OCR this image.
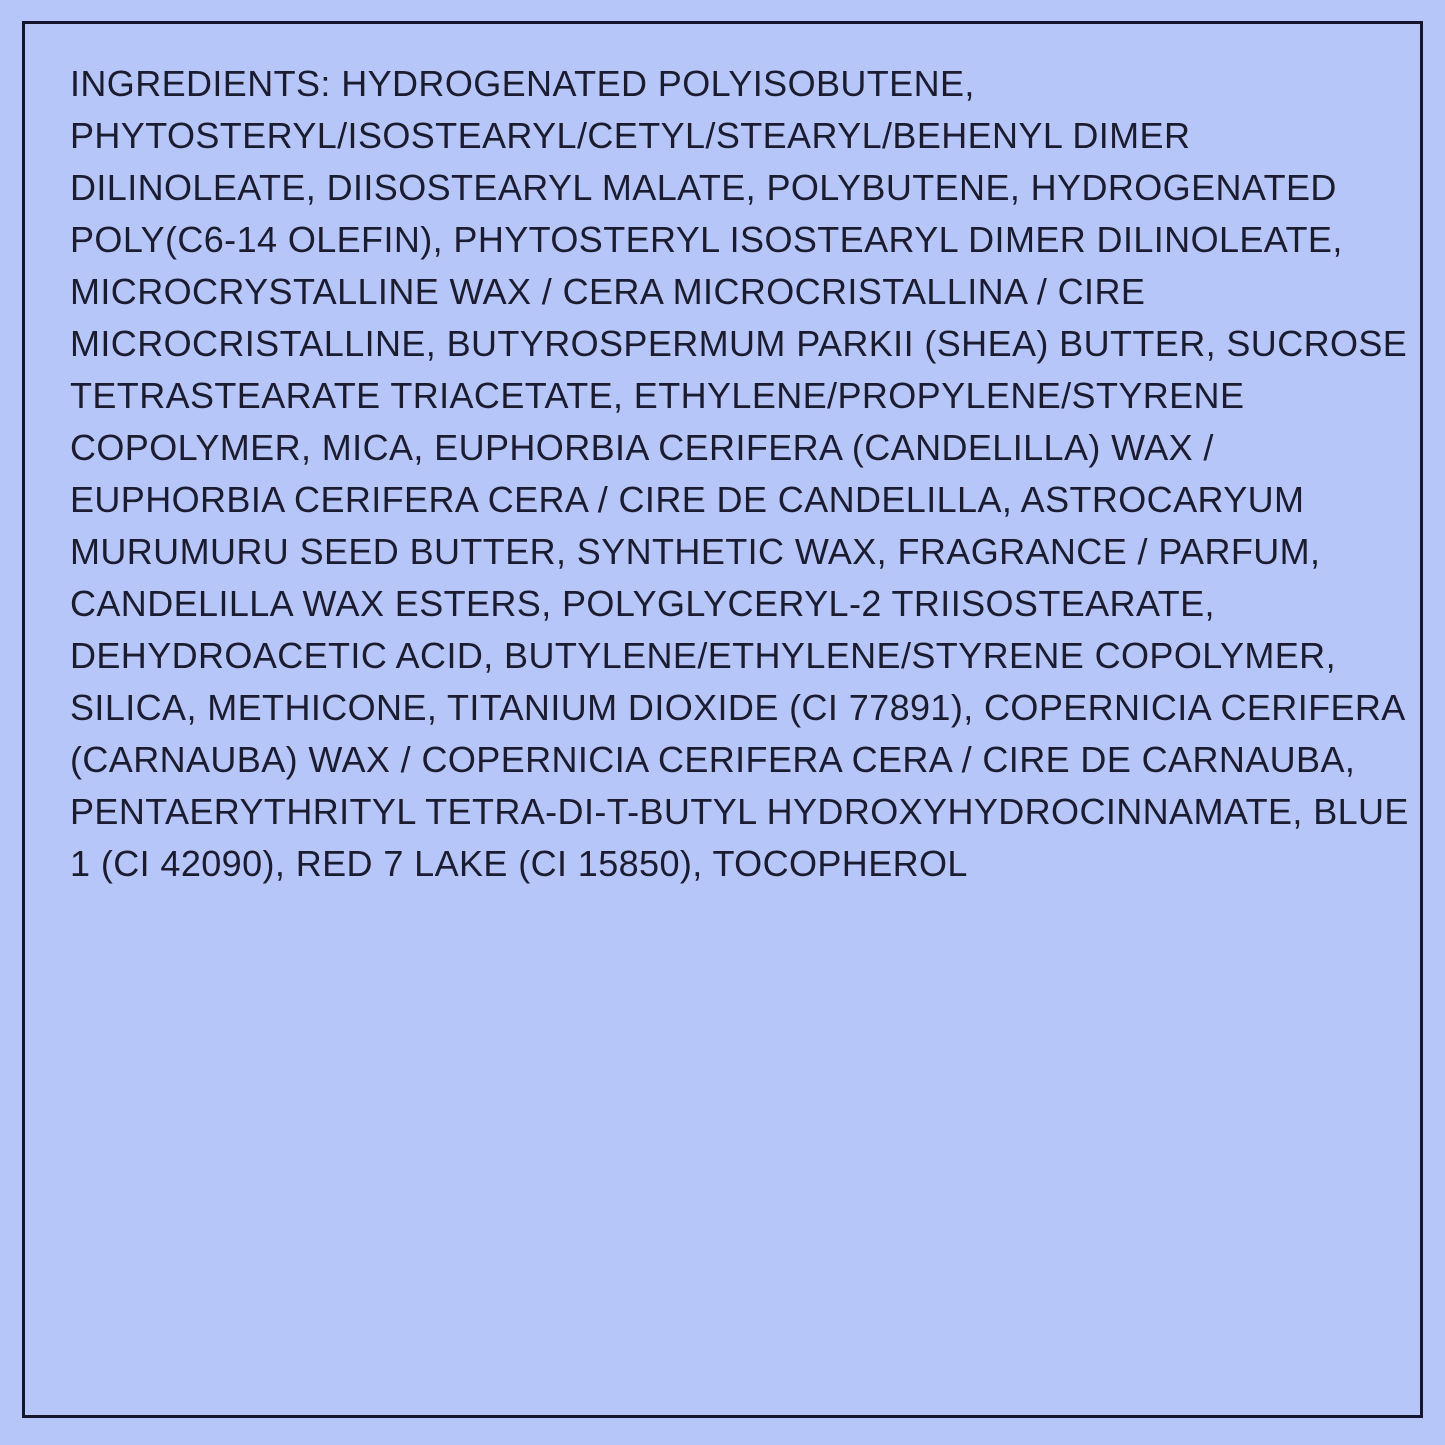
INGREDIENTS: HYDROGENATED POLYISOBUTENE,
PHYTOSTERYL/ISOSTEARYL/CETYL/STEARYL/BEHENYL DIMER
DILINOLEATE, DIISOSTEARYL MALATE, POLYBUTENE, HYDROGENATED
POLY(C6-14 OLEFIN), PHYTOSTERYL ISOSTEARYL DIMER DILINOLEATE,
MICROCRYSTALLINE WAX / CERA MICROCRISTALLINA / CIRE
MICROCRISTALLINE, BUTYROSPERMUM PARKII (SHEA) BUTTER, SUCROSE
TETRASTEARATE TRIACETATE, ETHYLENE/PROPYLENE/STYRENE
COPOLYMER, MICA, EUPHORBIA CERIFERA (CANDELILLA) WAX /
EUPHORBIA CERIFERA CERA / CIRE DE CANDELILLA, ASTROCARYUM
MURUMURU SEED BUTTER, SYNTHETIC WAX, FRAGRANCE / PARFUM,
CANDELILLA WAX ESTERS, POLYGLYCERYL-2 TRIISOSTEARATE,
DEHYDROACETIC ACID, BUTYLENE/ETHYLENE/STYRENE COPOLYMER,
SILICA, METHICONE, TITANIUM DIOXIDE (CI 77891), COPERNICIA CERIFERA
(CARNAUBA) WAX / COPERNICIA CERIFERA CERA / CIRE DE CARNAUBA,
PENTAERYTHRITYL TETRA-DI-T-BUTYL HYDROXYHYDROCINNAMATE, BLUE
1 (CI 42090), RED 7 LAKE (CI 15850), TOCOPHEROL
